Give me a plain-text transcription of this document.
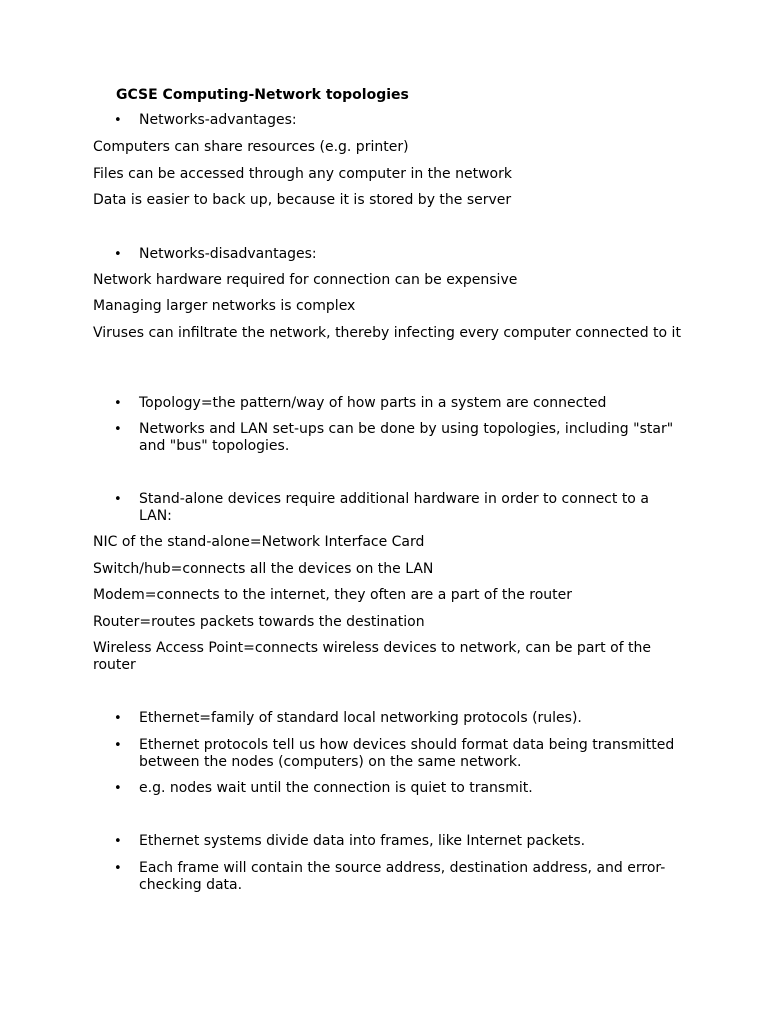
GCSE Computing-Network topologies
• Networks-advantages:
Computers can share resources (e.g. printer)
Files can be accessed through any computer in the network
Data is easier to back up, because it is stored by the server
• Networks-disadvantages:
Network hardware required for connection can be expensive
Managing larger networks is complex
Viruses can infiltrate the network, thereby infecting every computer connected to it
• Topology=the pattern/way of how parts in a system are connected
• Networks and LAN set-ups can be done by using topologies, including "star" and "bus" topologies.
• Stand-alone devices require additional hardware in order to connect to a LAN:
NIC of the stand-alone=Network Interface Card
Switch/hub=connects all the devices on the LAN
Modem=connects to the internet, they often are a part of the router
Router=routes packets towards the destination
Wireless Access Point=connects wireless devices to network, can be part of the router
• Ethernet=family of standard local networking protocols (rules).
• Ethernet protocols tell us how devices should format data being transmitted between the nodes (computers) on the same network.
• e.g. nodes wait until the connection is quiet to transmit.
• Ethernet systems divide data into frames, like Internet packets.
• Each frame will contain the source address, destination address, and error-checking data.
